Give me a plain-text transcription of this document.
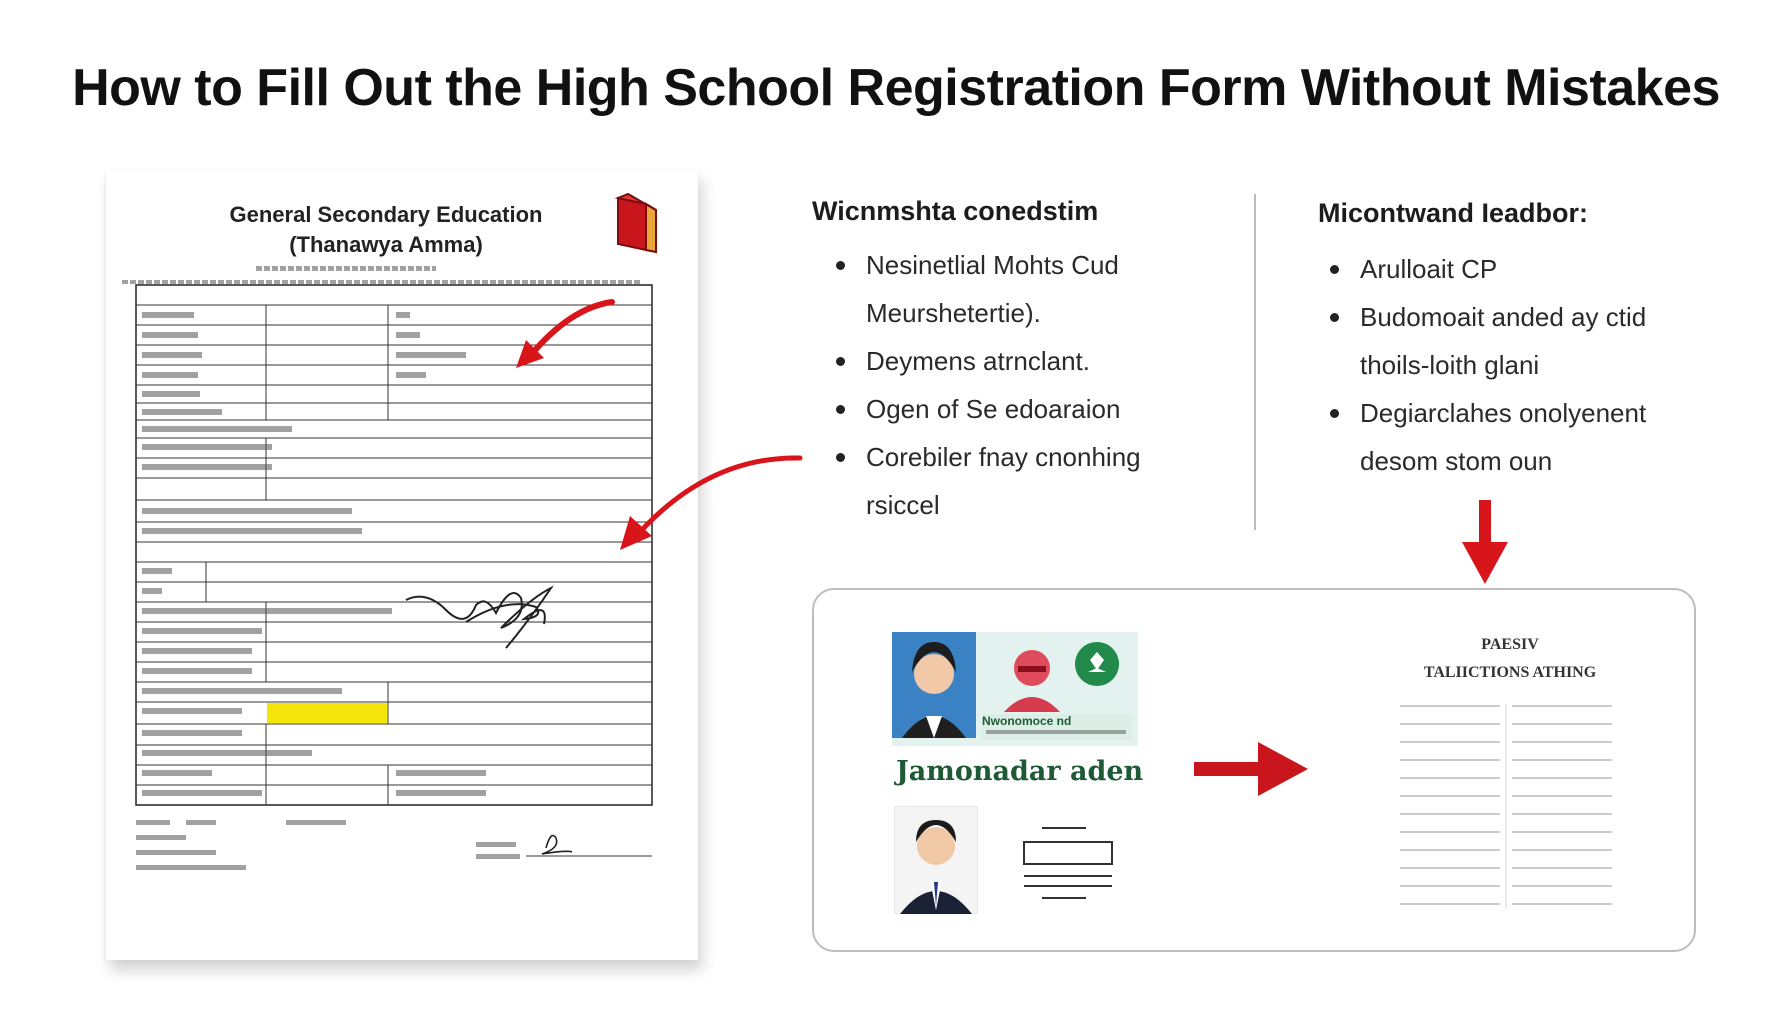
How to Fill Out the High School Registration Form Without Mistakes
General Secondary Education
(Thanawya Amma)
Wicnmshta conedstim
Nesinetlial Mohts Cud
Meurshetertie).
Deymens atrnclant.
Ogen of Se edoaraion
Corebiler fnay cnonhing
rsiccel
Micontwand Ieadbor:
Arulloait CP
Budomoait anded ay ctid
thoils-loith glani
Degiarclahes onolyenent
desom stom oun
Nwonomoce nd
Jamonadar aden
PAESIV
TALIICTIONS ATHING
